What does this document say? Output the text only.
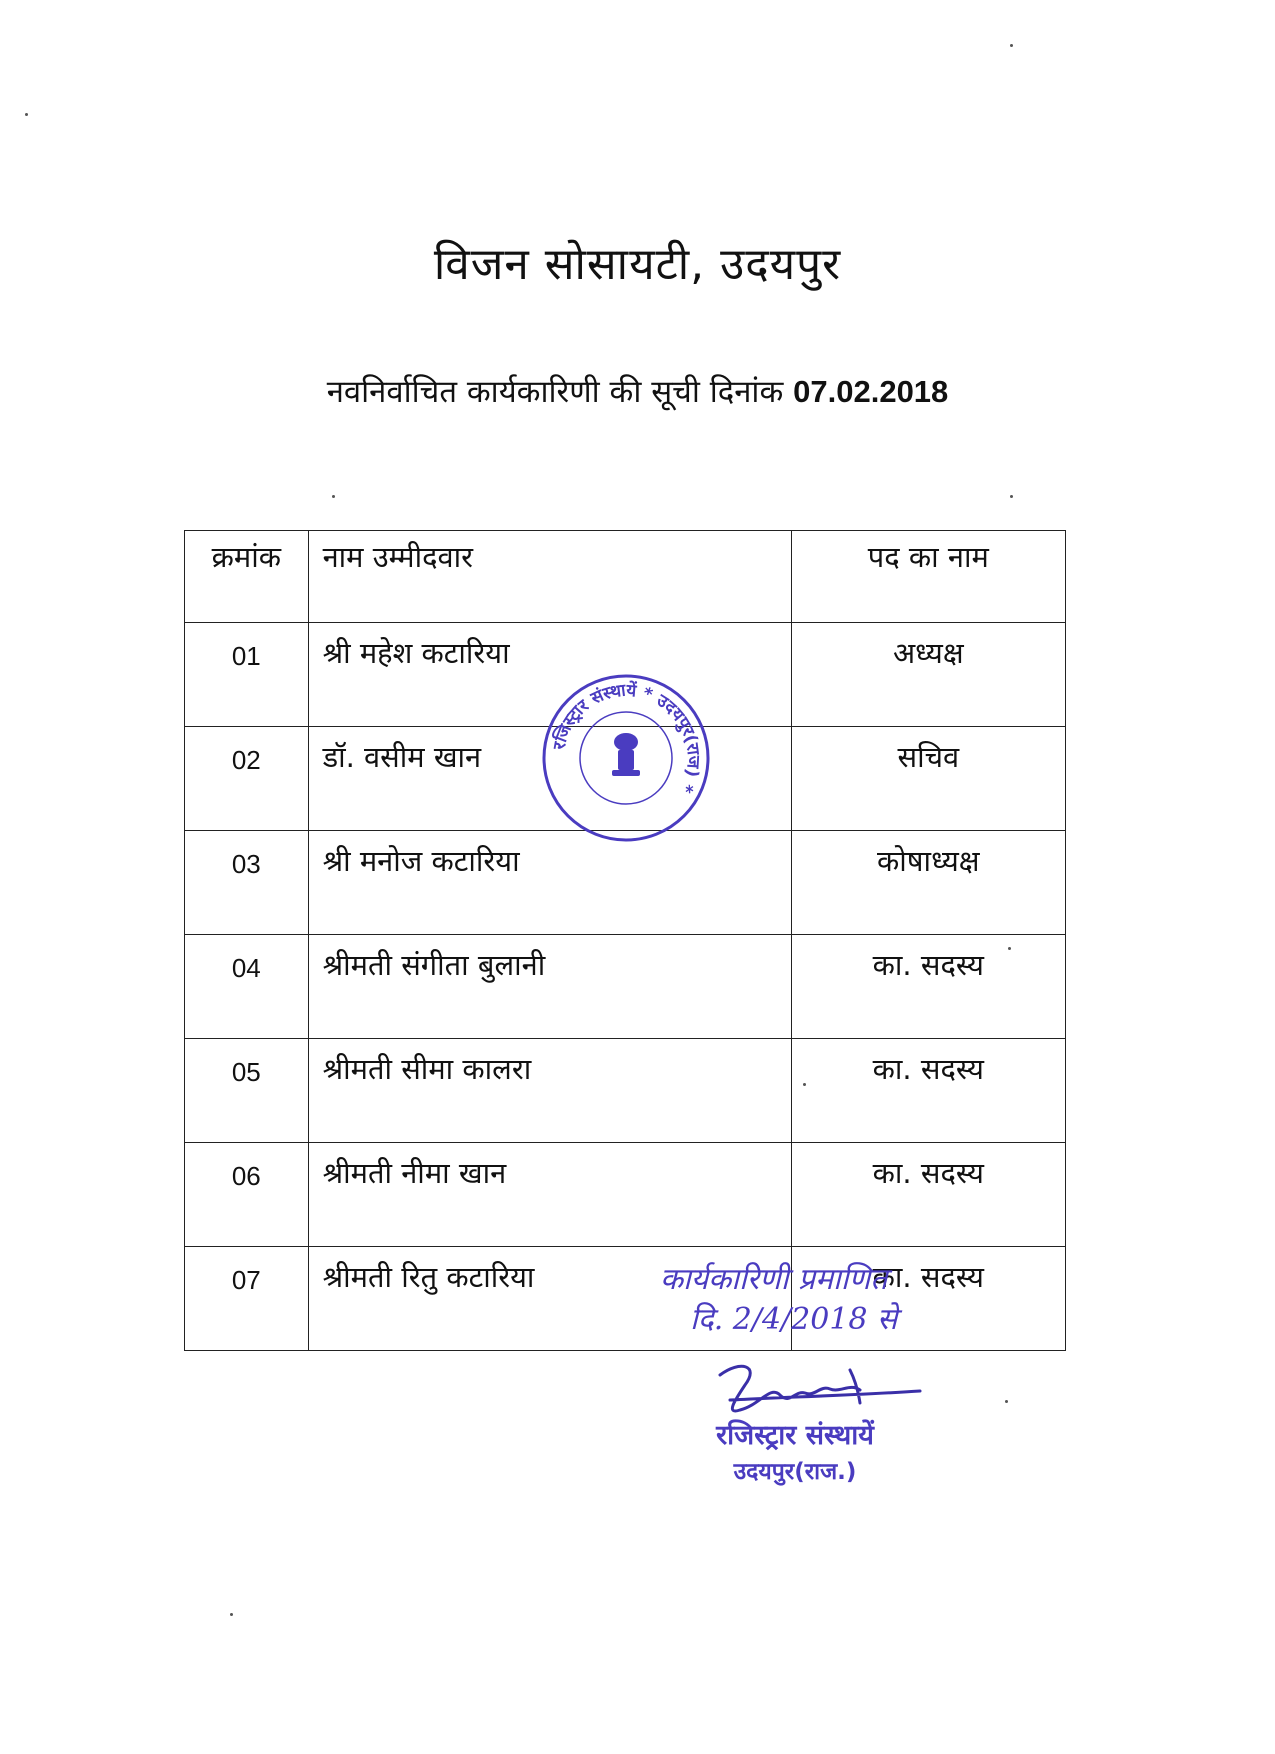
विजन सोसायटी, उदयपुर
नवनिर्वाचित कार्यकारिणी की सूची दिनांक 07.02.2018
क्रमांक	नाम उम्मीदवार	पद का नाम
01	श्री महेश कटारिया	अध्यक्ष
02	डॉ. वसीम खान	सचिव
03	श्री मनोज कटारिया	कोषाध्यक्ष
04	श्रीमती संगीता बुलानी	का. सदस्य
05	श्रीमती सीमा कालरा	का. सदस्य
06	श्रीमती नीमा खान	का. सदस्य
07	श्रीमती रितु कटारिया	का. सदस्य
रजिस्ट्रार संस्थायें * उदयपुर(राज) *
कार्यकारिणी प्रमाणित
दि. 2/4/2018 से
रजिस्ट्रार संस्थायें
उदयपुर(राज.)
